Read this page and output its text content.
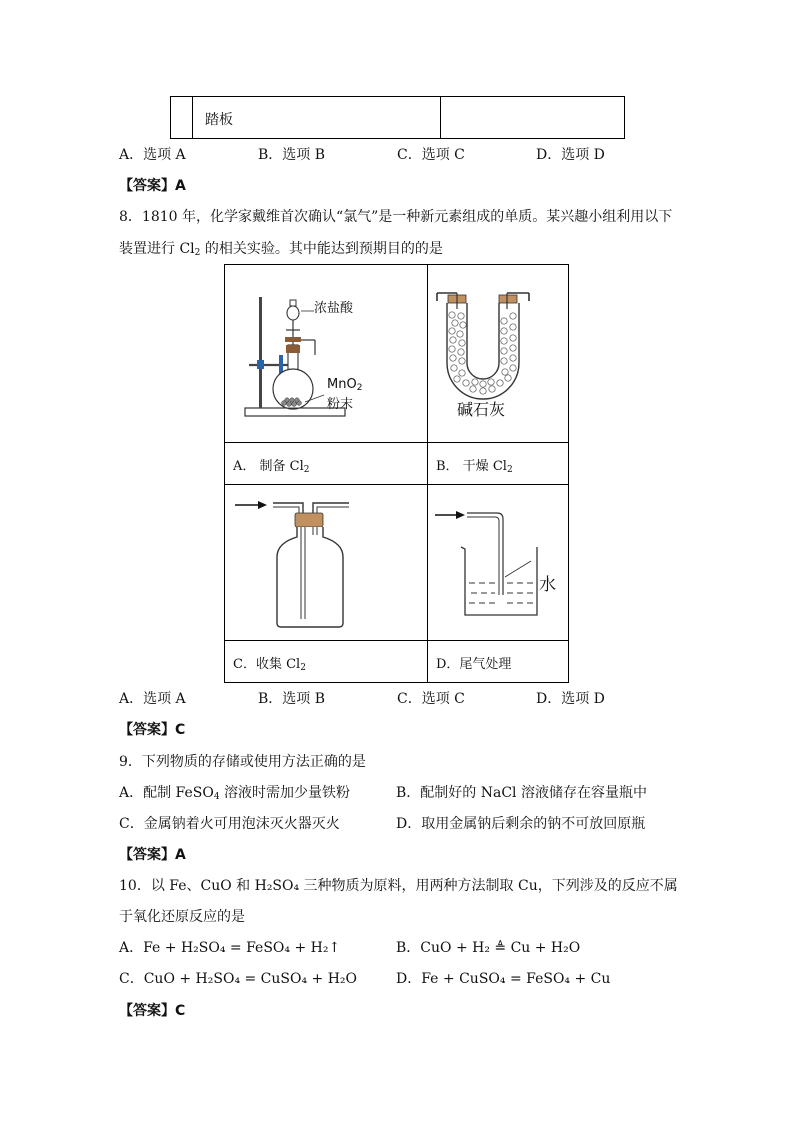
踏板
A．选项 A	B．选项 B	C．选项 C	D．选项 D
【答案】A
8．1810 年，化学家戴维首次确认“氯气”是一种新元素组成的单质。某兴趣小组利用以下
装置进行 $Cl_2$ 的相关实验。其中能达到预期目的的是
浓盐酸
MnO$_2$
粉末	碱石灰
A． 制备 $Cl_2$	B． 干燥 $Cl_2$
水
C．收集 $Cl_2$	D．尾气处理
A．选项 A	B．选项 B	C．选项 C	D．选项 D
【答案】C
9．下列物质的存储或使用方法正确的是
A．配制 FeSO$_4$ 溶液时需加少量铁粉	B．配制好的 NaCl 溶液储存在容量瓶中
C．金属钠着火可用泡沫灭火器灭火	D．取用金属钠后剩余的钠不可放回原瓶
【答案】A
10．以 Fe、CuO 和 H₂SO₄ 三种物质为原料，用两种方法制取 Cu，下列涉及的反应不属
于氧化还原反应的是
A．Fe + H₂SO₄ = FeSO₄ + H₂↑	B．CuO + H₂ ≜ Cu + H₂O
C．CuO + H₂SO₄ = CuSO₄ + H₂O	D．Fe + CuSO₄ = FeSO₄ + Cu
【答案】C
